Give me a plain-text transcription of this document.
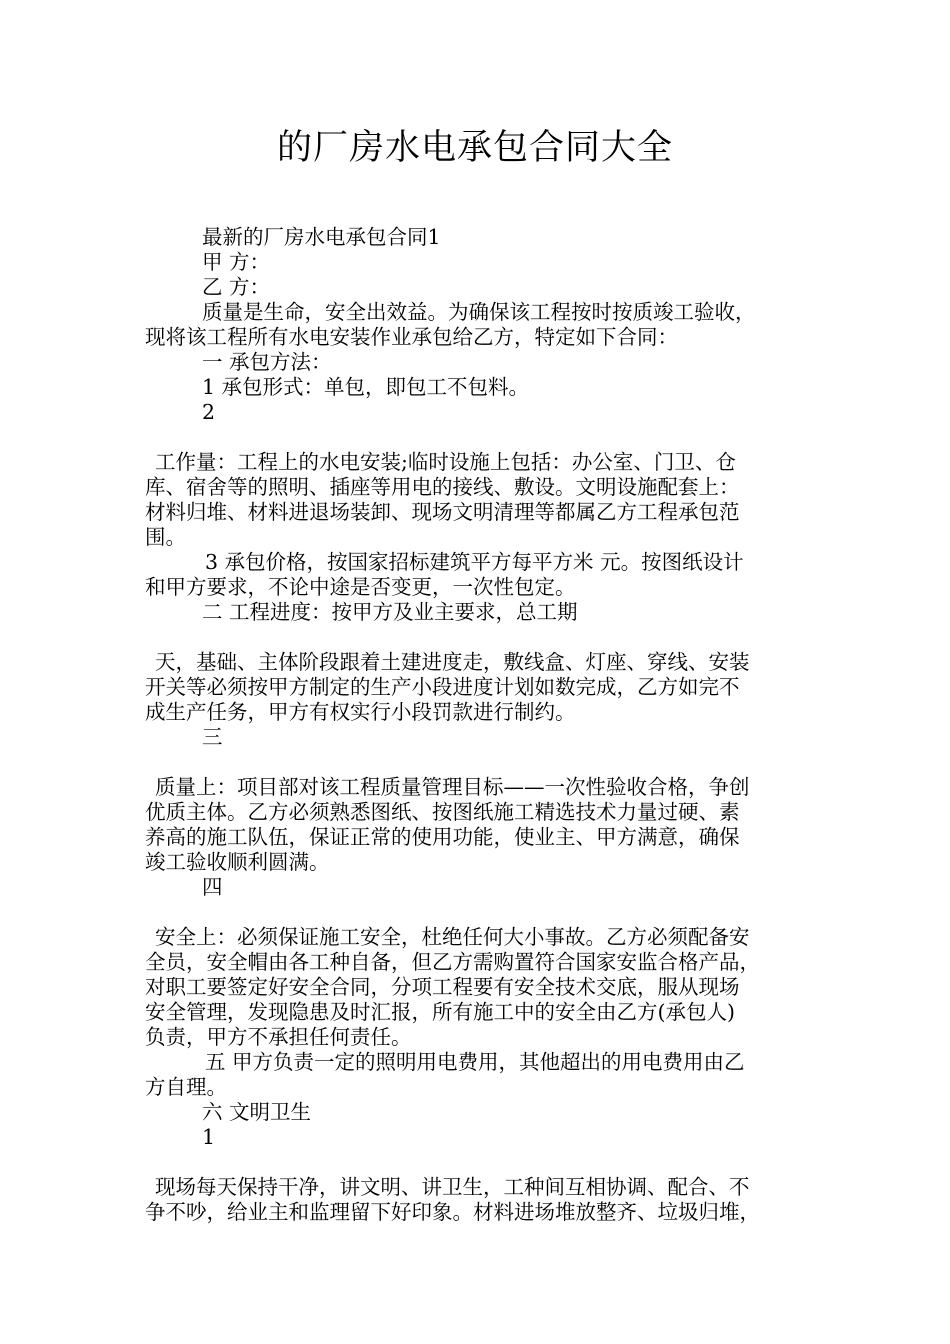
的厂房水电承包合同大全
最新的厂房水电承包合同1
甲 方：
乙 方：
质量是生命，安全出效益。为确保该工程按时按质竣工验收，
现将该工程所有水电安装作业承包给乙方，特定如下合同：
一 承包方法：
1 承包形式：单包，即包工不包料。
2
工作量：工程上的水电安装;临时设施上包括：办公室、门卫、仓
库、宿舍等的照明、插座等用电的接线、敷设。文明设施配套上：
材料归堆、材料进退场装卸、现场文明清理等都属乙方工程承包范
围。
3 承包价格，按国家招标建筑平方每平方米 元。按图纸设计
和甲方要求，不论中途是否变更，一次性包定。
二 工程进度：按甲方及业主要求，总工期
天，基础、主体阶段跟着土建进度走，敷线盒、灯座、穿线、安装
开关等必须按甲方制定的生产小段进度计划如数完成，乙方如完不
成生产任务，甲方有权实行小段罚款进行制约。
三
质量上：项目部对该工程质量管理目标——一次性验收合格，争创
优质主体。乙方必须熟悉图纸、按图纸施工精选技术力量过硬、素
养高的施工队伍，保证正常的使用功能，使业主、甲方满意，确保
竣工验收顺利圆满。
四
安全上：必须保证施工安全，杜绝任何大小事故。乙方必须配备安
全员，安全帽由各工种自备，但乙方需购置符合国家安监合格产品，
对职工要签定好安全合同，分项工程要有安全技术交底，服从现场
安全管理，发现隐患及时汇报，所有施工中的安全由乙方(承包人)
负责，甲方不承担任何责任。
五 甲方负责一定的照明用电费用，其他超出的用电费用由乙
方自理。
六 文明卫生
1
现场每天保持干净，讲文明、讲卫生，工种间互相协调、配合、不
争不吵，给业主和监理留下好印象。材料进场堆放整齐、垃圾归堆，
